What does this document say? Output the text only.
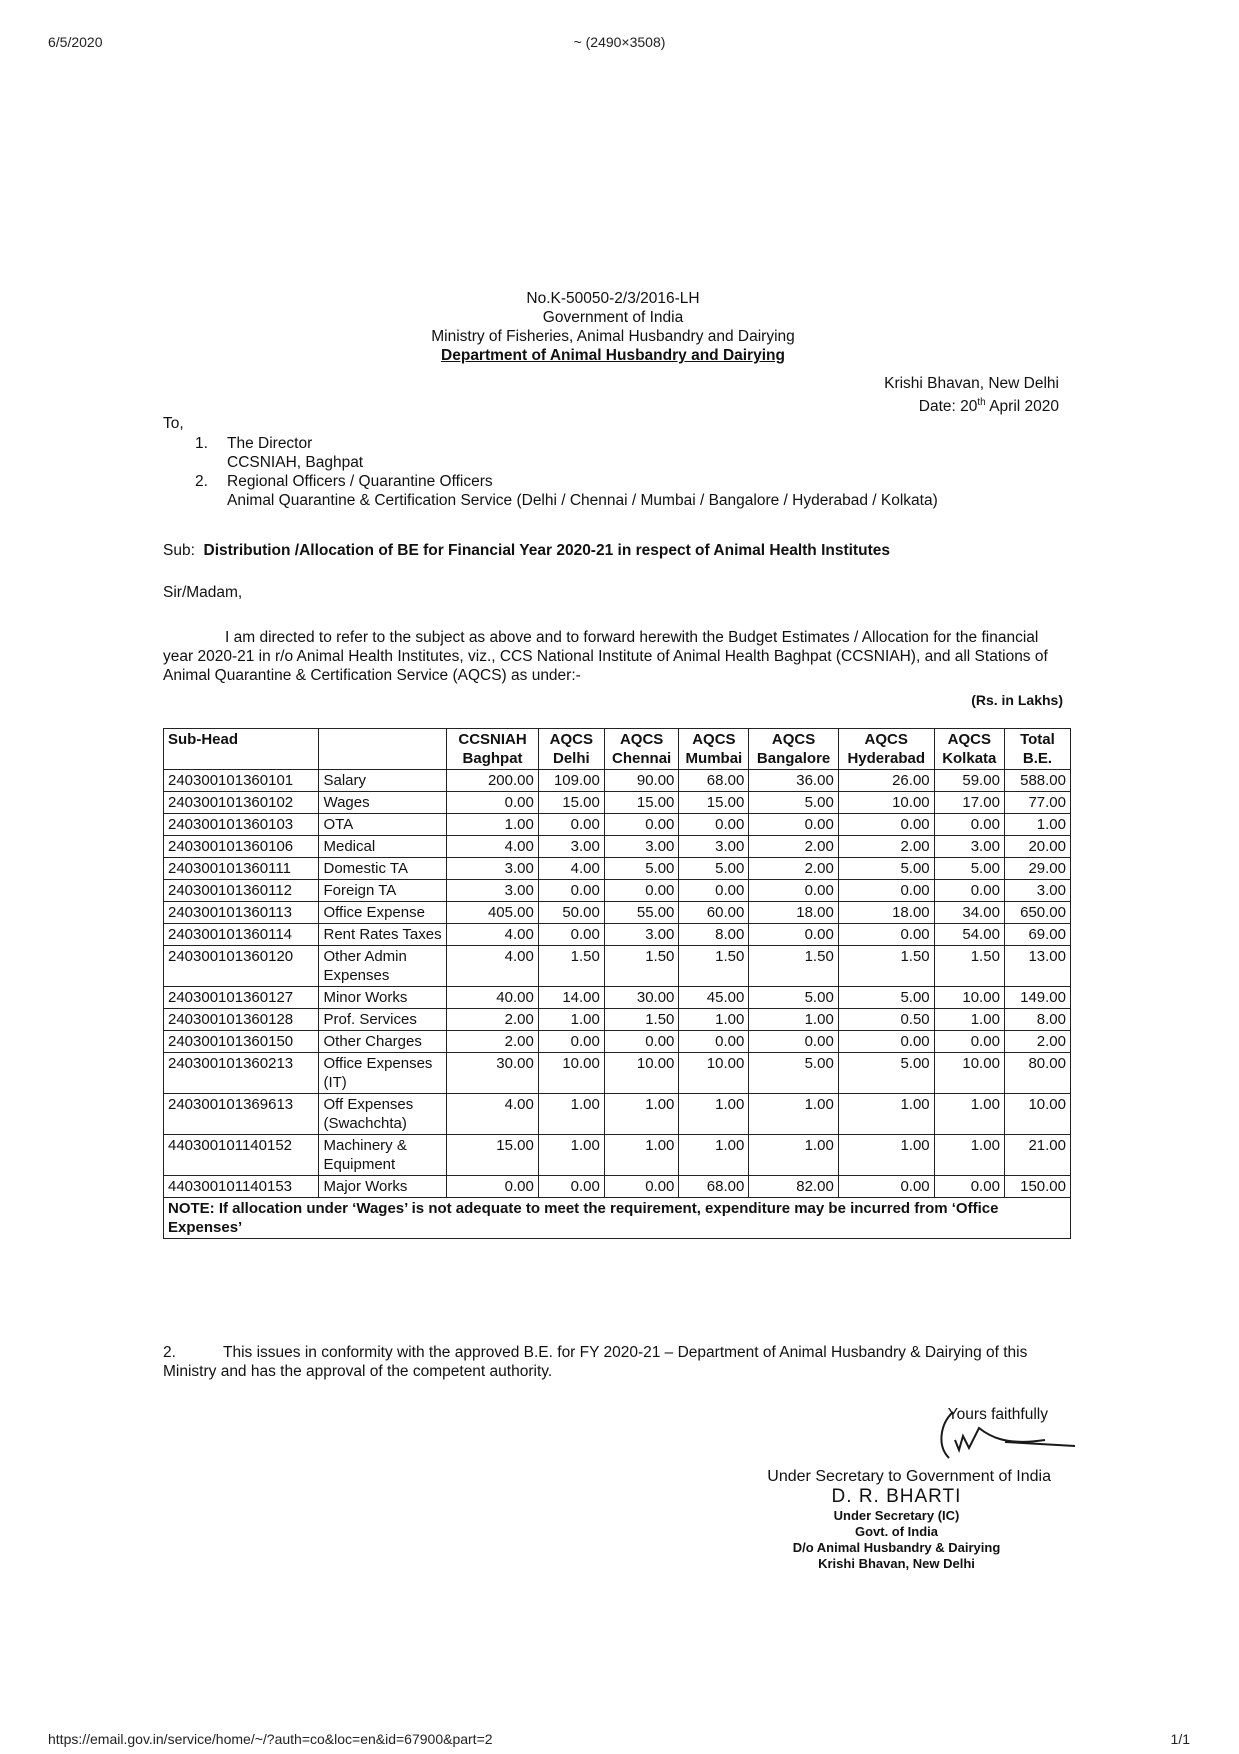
6/5/2020	~ (2490×3508)
No.K-50050-2/3/2016-LH
Government of India
Ministry of Fisheries, Animal Husbandry and Dairying
Department of Animal Husbandry and Dairying
Krishi Bhavan, New Delhi
Date: 20th April 2020
To,
1.	The Director
CCSNIAH, Baghpat
2.	Regional Officers / Quarantine Officers
Animal Quarantine & Certification Service (Delhi / Chennai / Mumbai / Bangalore / Hyderabad / Kolkata)
Sub: Distribution /Allocation of BE for Financial Year 2020-21 in respect of Animal Health Institutes
Sir/Madam,
I am directed to refer to the subject as above and to forward herewith the Budget Estimates / Allocation for the financial year 2020-21 in r/o Animal Health Institutes, viz., CCS National Institute of Animal Health Baghpat (CCSNIAH), and all Stations of Animal Quarantine & Certification Service (AQCS) as under:-
(Rs. in Lakhs)
Sub-Head		CCSNIAH Baghpat	AQCS Delhi	AQCS Chennai	AQCS Mumbai	AQCS Bangalore	AQCS Hyderabad	AQCS Kolkata	Total B.E.
240300101360101	Salary	200.00	109.00	90.00	68.00	36.00	26.00	59.00	588.00
240300101360102	Wages	0.00	15.00	15.00	15.00	5.00	10.00	17.00	77.00
240300101360103	OTA	1.00	0.00	0.00	0.00	0.00	0.00	0.00	1.00
240300101360106	Medical	4.00	3.00	3.00	3.00	2.00	2.00	3.00	20.00
240300101360111	Domestic TA	3.00	4.00	5.00	5.00	2.00	5.00	5.00	29.00
240300101360112	Foreign TA	3.00	0.00	0.00	0.00	0.00	0.00	0.00	3.00
240300101360113	Office Expense	405.00	50.00	55.00	60.00	18.00	18.00	34.00	650.00
240300101360114	Rent Rates Taxes	4.00	0.00	3.00	8.00	0.00	0.00	54.00	69.00
240300101360120	Other Admin Expenses	4.00	1.50	1.50	1.50	1.50	1.50	1.50	13.00
240300101360127	Minor Works	40.00	14.00	30.00	45.00	5.00	5.00	10.00	149.00
240300101360128	Prof. Services	2.00	1.00	1.50	1.00	1.00	0.50	1.00	8.00
240300101360150	Other Charges	2.00	0.00	0.00	0.00	0.00	0.00	0.00	2.00
240300101360213	Office Expenses (IT)	30.00	10.00	10.00	10.00	5.00	5.00	10.00	80.00
240300101369613	Off Expenses (Swachchta)	4.00	1.00	1.00	1.00	1.00	1.00	1.00	10.00
440300101140152	Machinery & Equipment	15.00	1.00	1.00	1.00	1.00	1.00	1.00	21.00
440300101140153	Major Works	0.00	0.00	0.00	68.00	82.00	0.00	0.00	150.00
NOTE: If allocation under ‘Wages’ is not adequate to meet the requirement, expenditure may be incurred from ‘Office Expenses’									
2.	This issues in conformity with the approved B.E. for FY 2020-21 – Department of Animal Husbandry & Dairying of this Ministry and has the approval of the competent authority.
Yours faithfully
Under Secretary to Government of India
D. R. BHARTI
Under Secretary (IC)
Govt. of India
D/o Animal Husbandry & Dairying
Krishi Bhavan, New Delhi
https://email.gov.in/service/home/~/?auth=co&loc=en&id=67900&part=2	1/1
